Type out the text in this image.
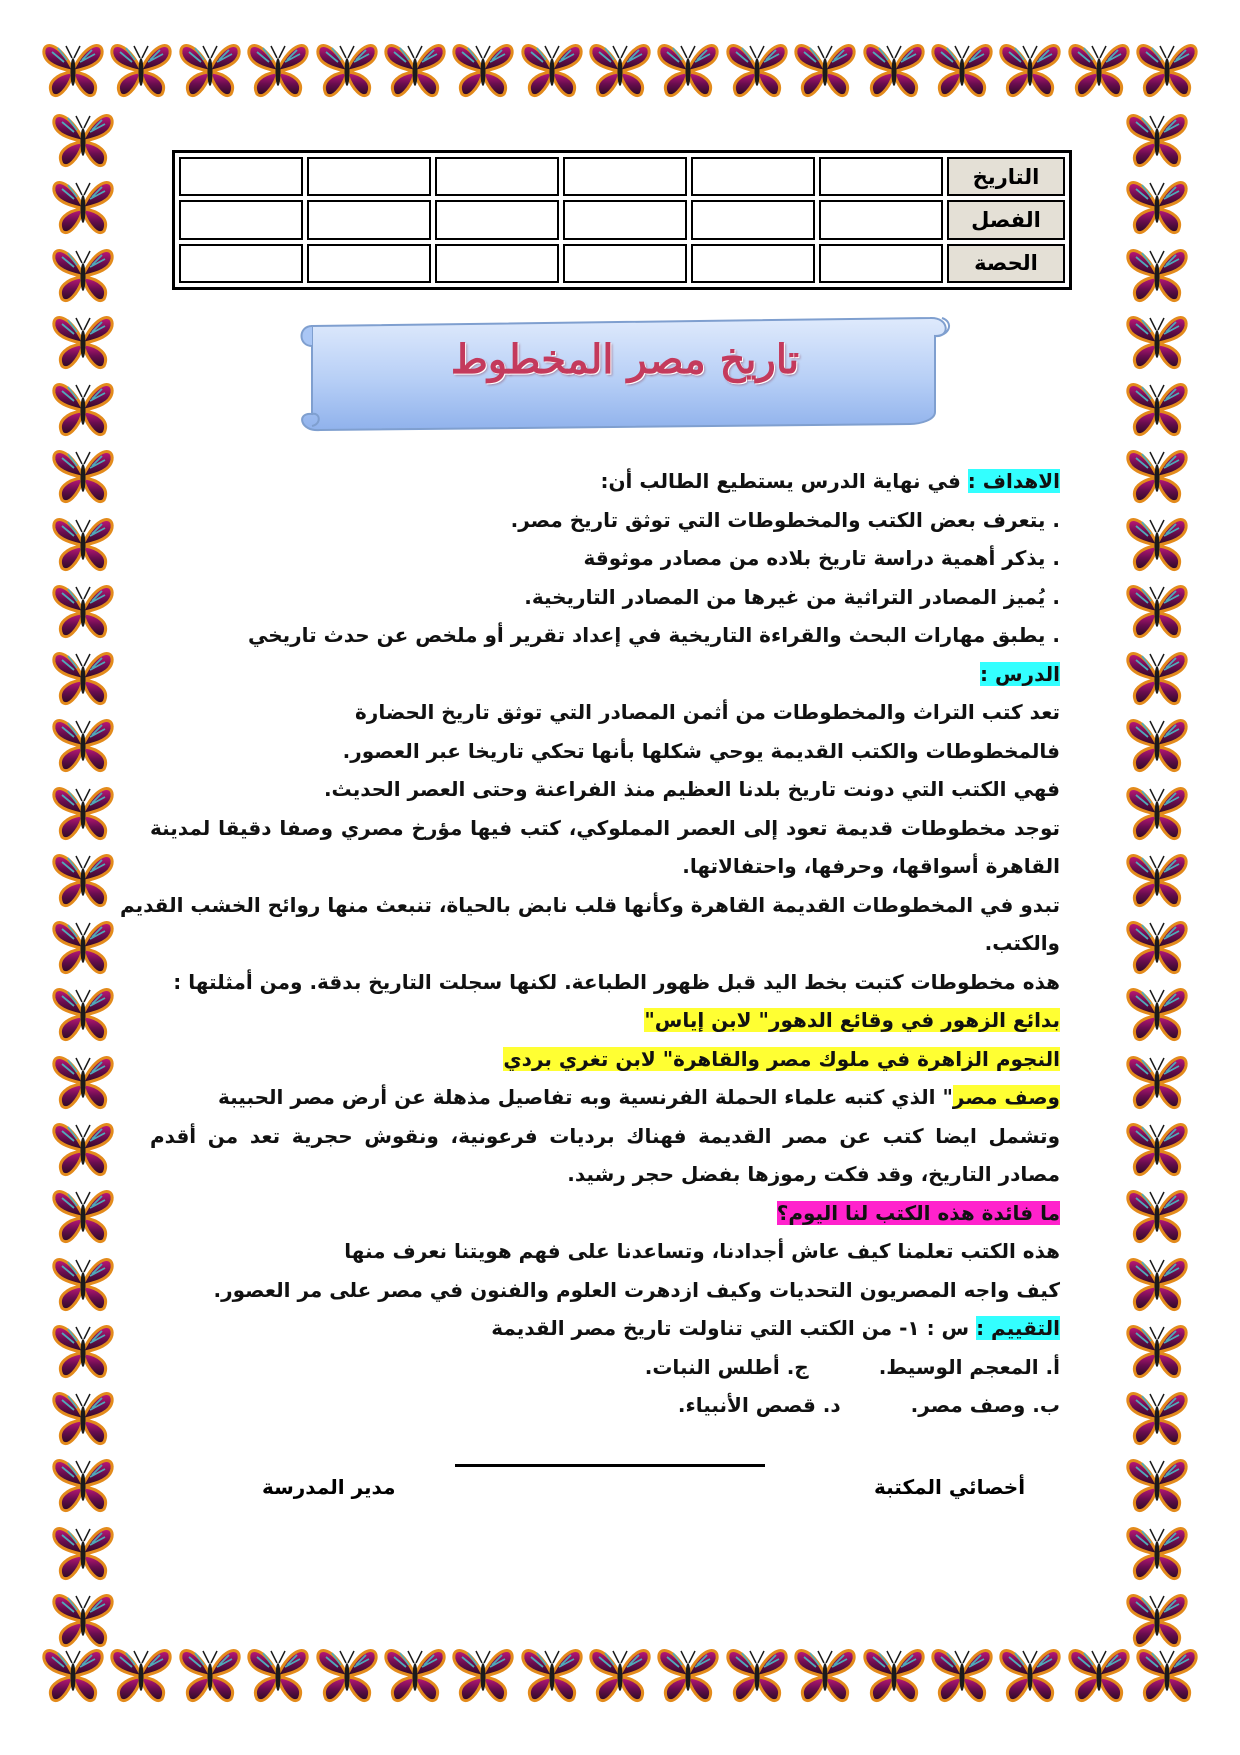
						التاريخ
						الفصل
						الحصة
تاريخ مصر المخطوط
الاهداف : في نهاية الدرس يستطيع الطالب أن:
. يتعرف بعض الكتب والمخطوطات التي توثق تاريخ مصر.
. يذكر أهمية دراسة تاريخ بلاده من مصادر موثوقة
. يُميز المصادر التراثية من غيرها من المصادر التاريخية.
. يطبق مهارات البحث والقراءة التاريخية في إعداد تقرير أو ملخص عن حدث تاريخي
الدرس :
تعد كتب التراث والمخطوطات من أثمن المصادر التي توثق تاريخ الحضارة
فالمخطوطات والكتب القديمة يوحي شكلها بأنها تحكي تاريخا عبر العصور.
فهي الكتب التي دونت تاريخ بلدنا العظيم منذ الفراعنة وحتى العصر الحديث.
توجد مخطوطات قديمة تعود إلى العصر المملوكي، كتب فيها مؤرخ مصري وصفا دقيقا لمدينة
القاهرة أسواقها، وحرفها، واحتفالاتها.
تبدو في المخطوطات القديمة القاهرة وكأنها قلب نابض بالحياة، تنبعث منها روائح الخشب القديم
والكتب.
هذه مخطوطات كتبت بخط اليد قبل ظهور الطباعة. لكنها سجلت التاريخ بدقة. ومن أمثلتها :
بدائع الزهور في وقائع الدهور" لابن إياس"
النجوم الزاهرة في ملوك مصر والقاهرة" لابن تغري بردي
وصف مصر" الذي كتبه علماء الحملة الفرنسية وبه تفاصيل مذهلة عن أرض مصر الحبيبة
وتشمل ايضا كتب عن مصر القديمة فهناك برديات فرعونية، ونقوش حجرية تعد من أقدم
مصادر التاريخ، وقد فكت رموزها بفضل حجر رشيد.
ما فائدة هذه الكتب لنا اليوم؟
هذه الكتب تعلمنا كيف عاش أجدادنا، وتساعدنا على فهم هويتنا نعرف منها
كيف واجه المصريون التحديات وكيف ازدهرت العلوم والفنون في مصر على مر العصور.
التقييم : س : ١- من الكتب التي تناولت تاريخ مصر القديمة
أ. المعجم الوسيط.ج. أطلس النبات.
ب. وصف مصر.د. قصص الأنبياء.
أخصائي المكتبة
مدير المدرسة
